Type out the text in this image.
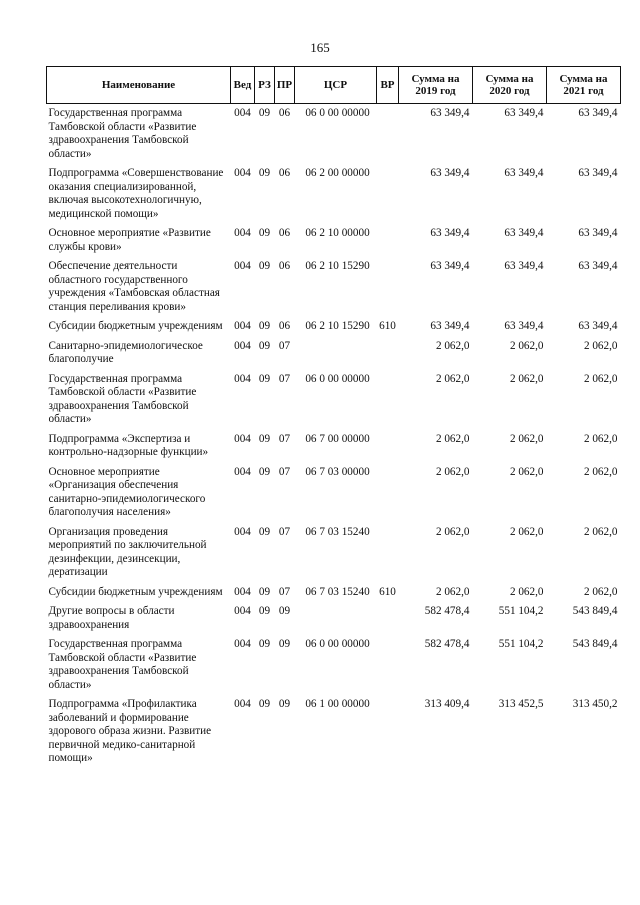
165
Наименование	Вед	РЗ	ПР	ЦСР	ВР	Сумма на 2019 год	Сумма на 2020 год	Сумма на 2021 год
Государственная программа Тамбовской области «Развитие здравоохранения Тамбовской области»	004	09	06	06 0 00 00000		63 349,4	63 349,4	63 349,4
Подпрограмма «Совершенствование оказания специализированной, включая высокотехнологичную, медицинской помощи»	004	09	06	06 2 00 00000		63 349,4	63 349,4	63 349,4
Основное мероприятие «Развитие службы крови»	004	09	06	06 2 10 00000		63 349,4	63 349,4	63 349,4
Обеспечение деятельности областного государственного учреждения «Тамбовская областная станция переливания крови»	004	09	06	06 2 10 15290		63 349,4	63 349,4	63 349,4
Субсидии бюджетным учреждениям	004	09	06	06 2 10 15290	610	63 349,4	63 349,4	63 349,4
Санитарно-эпидемиологическое благополучие	004	09	07			2 062,0	2 062,0	2 062,0
Государственная программа Тамбовской области «Развитие здравоохранения Тамбовской области»	004	09	07	06 0 00 00000		2 062,0	2 062,0	2 062,0
Подпрограмма «Экспертиза и контрольно-надзорные функции»	004	09	07	06 7 00 00000		2 062,0	2 062,0	2 062,0
Основное мероприятие «Организация обеспечения санитарно-эпидемиологического благополучия населения»	004	09	07	06 7 03 00000		2 062,0	2 062,0	2 062,0
Организация проведения мероприятий по заключительной дезинфекции, дезинсекции, дератизации	004	09	07	06 7 03 15240		2 062,0	2 062,0	2 062,0
Субсидии бюджетным учреждениям	004	09	07	06 7 03 15240	610	2 062,0	2 062,0	2 062,0
Другие вопросы в области здравоохранения	004	09	09			582 478,4	551 104,2	543 849,4
Государственная программа Тамбовской области «Развитие здравоохранения Тамбовской области»	004	09	09	06 0 00 00000		582 478,4	551 104,2	543 849,4
Подпрограмма «Профилактика заболеваний и формирование здорового образа жизни. Развитие первичной медико-санитарной помощи»	004	09	09	06 1 00 00000		313 409,4	313 452,5	313 450,2
